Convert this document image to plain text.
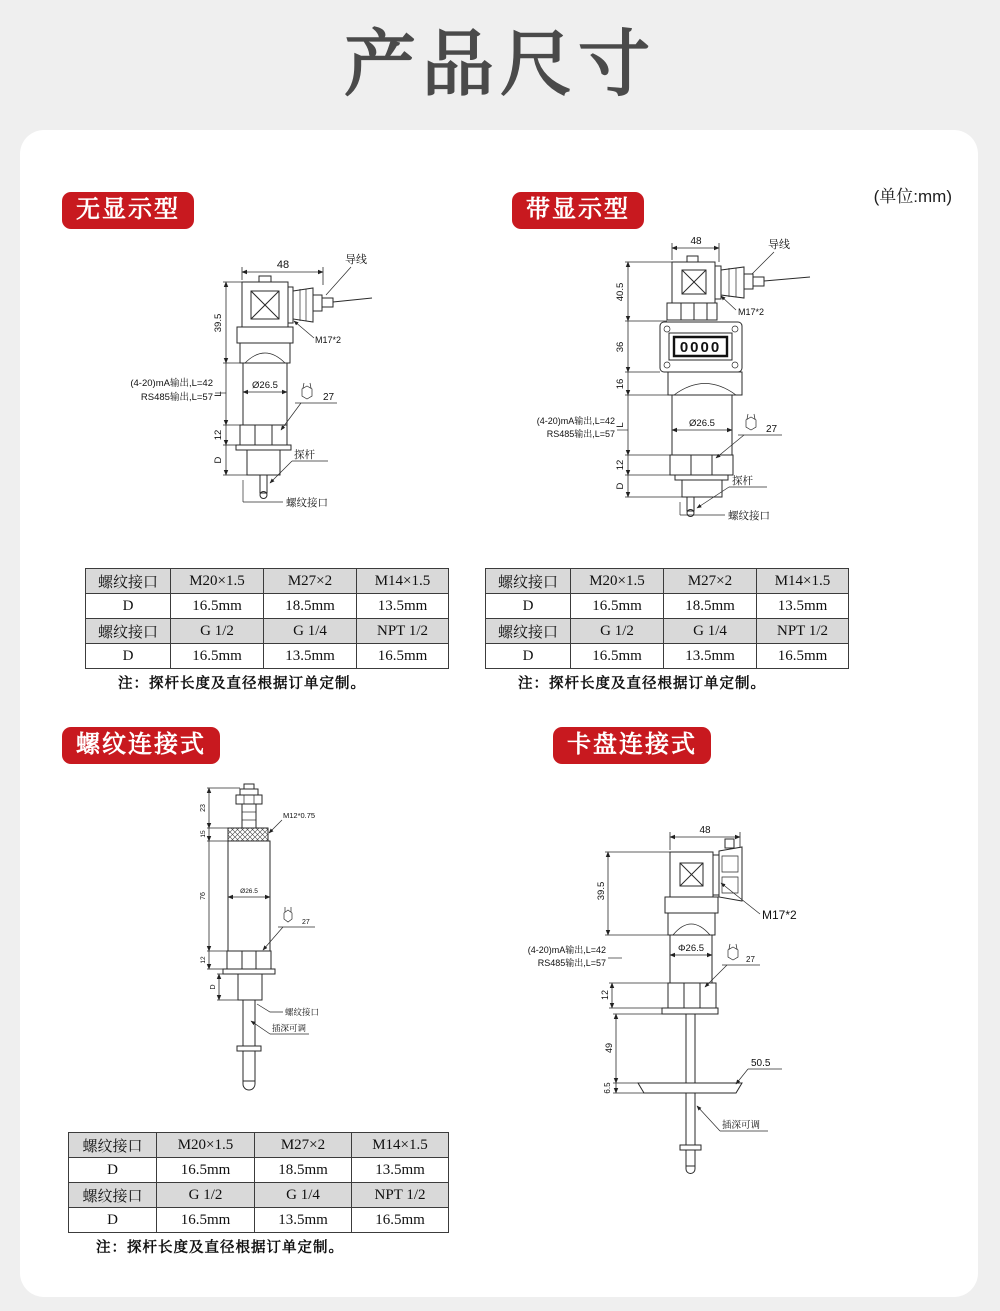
产品尺寸
(单位:mm)
无显示型	带显示型
螺纹连接式	卡盘连接式
48	导线
M17*2
Ø26.5
27
39.5
L
12
D
(4-20)mA输出,L=42
RS485输出,L=57
探杆
螺纹接口
48	导线
M17*2
0000
Ø26.5
27
40.5
36
16
L
12
D
(4-20)mA输出,L=42
RS485输出,L=57
探杆
螺纹接口
M12*0.75
Ø26.5
27
23
15
76
12
D
螺纹接口
插深可调
48
M17*2
Φ26.5
(4-20)mA输出,L=42
RS485输出,L=57	27
50.5
39.5
12
49
6.5
插深可调
螺纹接口	M20×1.5	M27×2	M14×1.5
D	16.5mm	18.5mm	13.5mm
螺纹接口	G 1/2	G 1/4	NPT 1/2
D	16.5mm	13.5mm	16.5mm
注：探杆长度及直径根据订单定制。
螺纹接口	M20×1.5	M27×2	M14×1.5
D	16.5mm	18.5mm	13.5mm
螺纹接口	G 1/2	G 1/4	NPT 1/2
D	16.5mm	13.5mm	16.5mm
注：探杆长度及直径根据订单定制。
螺纹接口	M20×1.5	M27×2	M14×1.5
D	16.5mm	18.5mm	13.5mm
螺纹接口	G 1/2	G 1/4	NPT 1/2
D	16.5mm	13.5mm	16.5mm
注：探杆长度及直径根据订单定制。
